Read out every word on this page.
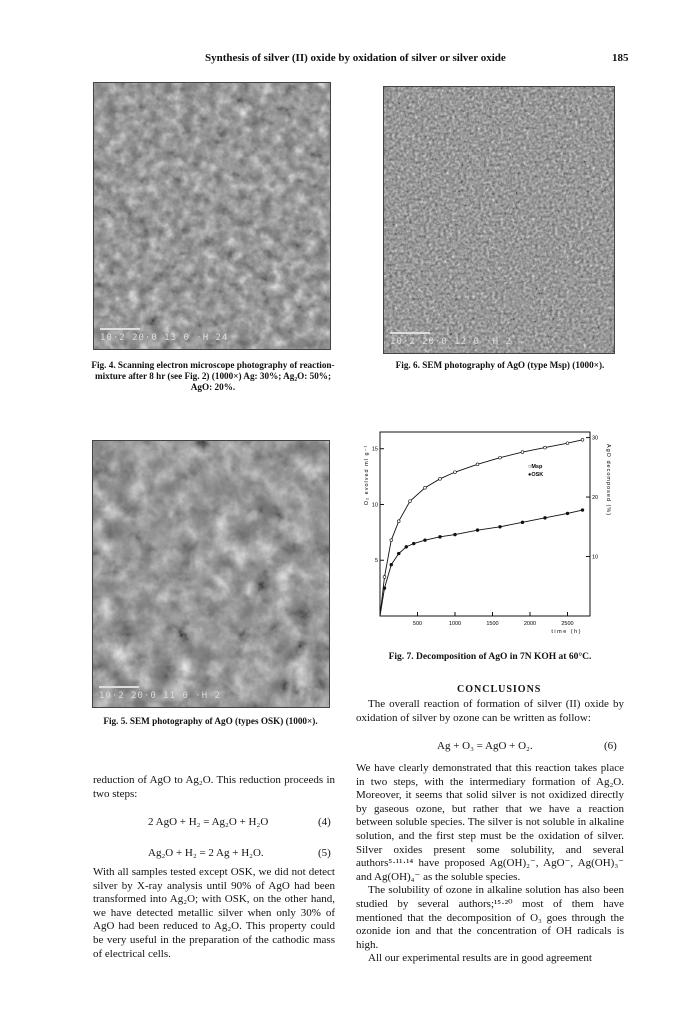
Synthesis of silver (II) oxide by oxidation of silver or silver oxide	185
10·2 20·0 13 0 ·H 24
Fig. 4. Scanning electron microscope photography of reaction-mixture after 8 hr (see Fig. 2) (1000×) Ag: 30%; Ag₂O: 50%; AgO: 20%.
10·2 20·0 12 0 ·H 2
Fig. 6. SEM photography of AgO (type Msp) (1000×).
10·2 20·0 11 0 ·H 2
Fig. 5. SEM photography of AgO (types OSK) (1000×).
500	1000	1500	2000	2500
time (h)
5
10
15
10
20
30
O₂ evolved ml g⁻¹	AgO decomposed (%)
○Msp
●OSK
Fig. 7. Decomposition of AgO in 7N KOH at 60°C.
CONCLUSIONS

The overall reaction of formation of silver (II) oxide by oxidation of silver by ozone can be written as follow:

Ag + O₃ = AgO + O₂.	(6)

We have clearly demonstrated that this reaction takes place in two steps, with the intermediary formation of Ag₂O. Moreover, it seems that solid silver is not oxidized directly by gaseous ozone, but rather that we have a reaction between soluble species. The silver is not soluble in alkaline solution, and the first step must be the oxidation of silver. Silver oxides present some solubility, and several authors⁵·¹¹·¹⁴ have proposed Ag(OH)₂⁻, AgO⁻, Ag(OH)₃⁻ and Ag(OH)₄⁻ as the soluble species.

The solubility of ozone in alkaline solution has also been studied by several authors;¹⁵·²⁰ most of them have mentioned that the decomposition of O₃ goes through the ozonide ion and that the concentration of OH radicals is high.

All our experimental results are in good agreement

reduction of AgO to Ag₂O. This reduction proceeds in two steps:

2 AgO + H₂ = Ag₂O + H₂O	(4)
Ag₂O + H₂ = 2 Ag + H₂O.	(5)

With all samples tested except OSK, we did not detect silver by X-ray analysis until 90% of AgO had been transformed into Ag₂O; with OSK, on the other hand, we have detected metallic silver when only 30% of AgO had been reduced to Ag₂O. This property could be very useful in the preparation of the cathodic mass of electrical cells.
